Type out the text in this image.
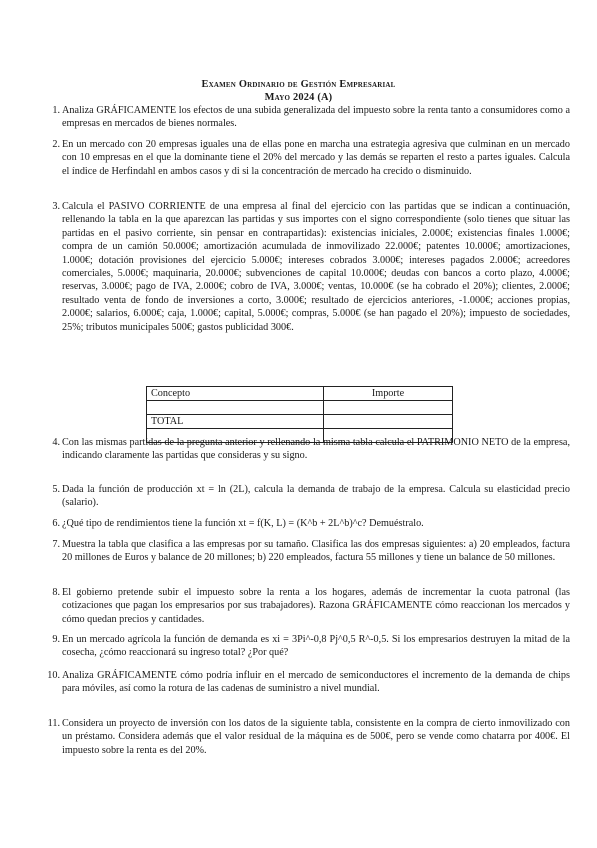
Examen Ordinario de Gestión Empresarial
Mayo 2024 (A)
1. Analiza GRÁFICAMENTE los efectos de una subida generalizada del impuesto sobre la renta tanto a consumidores como a empresas en mercados de bienes normales.
2. En un mercado con 20 empresas iguales una de ellas pone en marcha una estrategia agresiva que culminan en un mercado con 10 empresas en el que la dominante tiene el 20% del mercado y las demás se reparten el resto a partes iguales. Calcula el índice de Herfindahl en ambos casos y di si la concentración de mercado ha crecido o disminuido.
3. Calcula el PASIVO CORRIENTE de una empresa al final del ejercicio con las partidas que se indican a continuación, rellenando la tabla en la que aparezcan las partidas y sus importes con el signo correspondiente (solo tienes que situar las partidas en el pasivo corriente, sin pensar en contrapartidas): existencias iniciales, 2.000€; existencias finales 1.000€; compra de un camión 50.000€; amortización acumulada de inmovilizado 22.000€; patentes 10.000€; amortizaciones, 1.000€; dotación provisiones del ejercicio 5.000€; intereses cobrados 3.000€; intereses pagados 2.000€; acreedores comerciales, 5.000€; maquinaria, 20.000€; subvenciones de capital 10.000€; deudas con bancos a corto plazo, 4.000€; reservas, 3.000€; pago de IVA, 2.000€; cobro de IVA, 3.000€; ventas, 10.000€ (se ha cobrado el 20%); clientes, 2.000€; resultado venta de fondo de inversiones a corto, 3.000€; resultado de ejercicios anteriores, -1.000€; acciones propias, 2.000€; salarios, 6.000€; caja, 1.000€; capital, 5.000€; compras, 5.000€ (se han pagado el 20%); impuesto de sociedades, 25%; tributos municipales 500€; gastos publicidad 300€.
Concepto	Importe

TOTAL	

4. Con las mismas partidas de la pregunta anterior y rellenando la misma tabla calcula el PATRIMONIO NETO de la empresa, indicando claramente las partidas que consideras y su signo.
5. Dada la función de producción xt = ln (2L), calcula la demanda de trabajo de la empresa. Calcula su elasticidad precio (salario).
6. ¿Qué tipo de rendimientos tiene la función xt = f(K, L) = (K^b + 2L^b)^c? Demuéstralo.
7. Muestra la tabla que clasifica a las empresas por su tamaño. Clasifica las dos empresas siguientes: a) 20 empleados, factura 20 millones de Euros y balance de 20 millones; b) 220 empleados, factura 55 millones y tiene un balance de 50 millones.
8. El gobierno pretende subir el impuesto sobre la renta a los hogares, además de incrementar la cuota patronal (las cotizaciones que pagan los empresarios por sus trabajadores). Razona GRÁFICAMENTE cómo reaccionan los mercados y cómo quedan precios y cantidades.
9. En un mercado agrícola la función de demanda es xi = 3Pi^-0,8 Pj^0,5 R^-0,5. Si los empresarios destruyen la mitad de la cosecha, ¿cómo reaccionará su ingreso total? ¿Por qué?
10. Analiza GRÁFICAMENTE cómo podría influir en el mercado de semiconductores el incremento de la demanda de chips para móviles, así como la rotura de las cadenas de suministro a nivel mundial.
11. Considera un proyecto de inversión con los datos de la siguiente tabla, consistente en la compra de cierto inmovilizado con un préstamo. Considera además que el valor residual de la máquina es de 500€, pero se vende como chatarra por 400€. El impuesto sobre la renta es del 20%.
